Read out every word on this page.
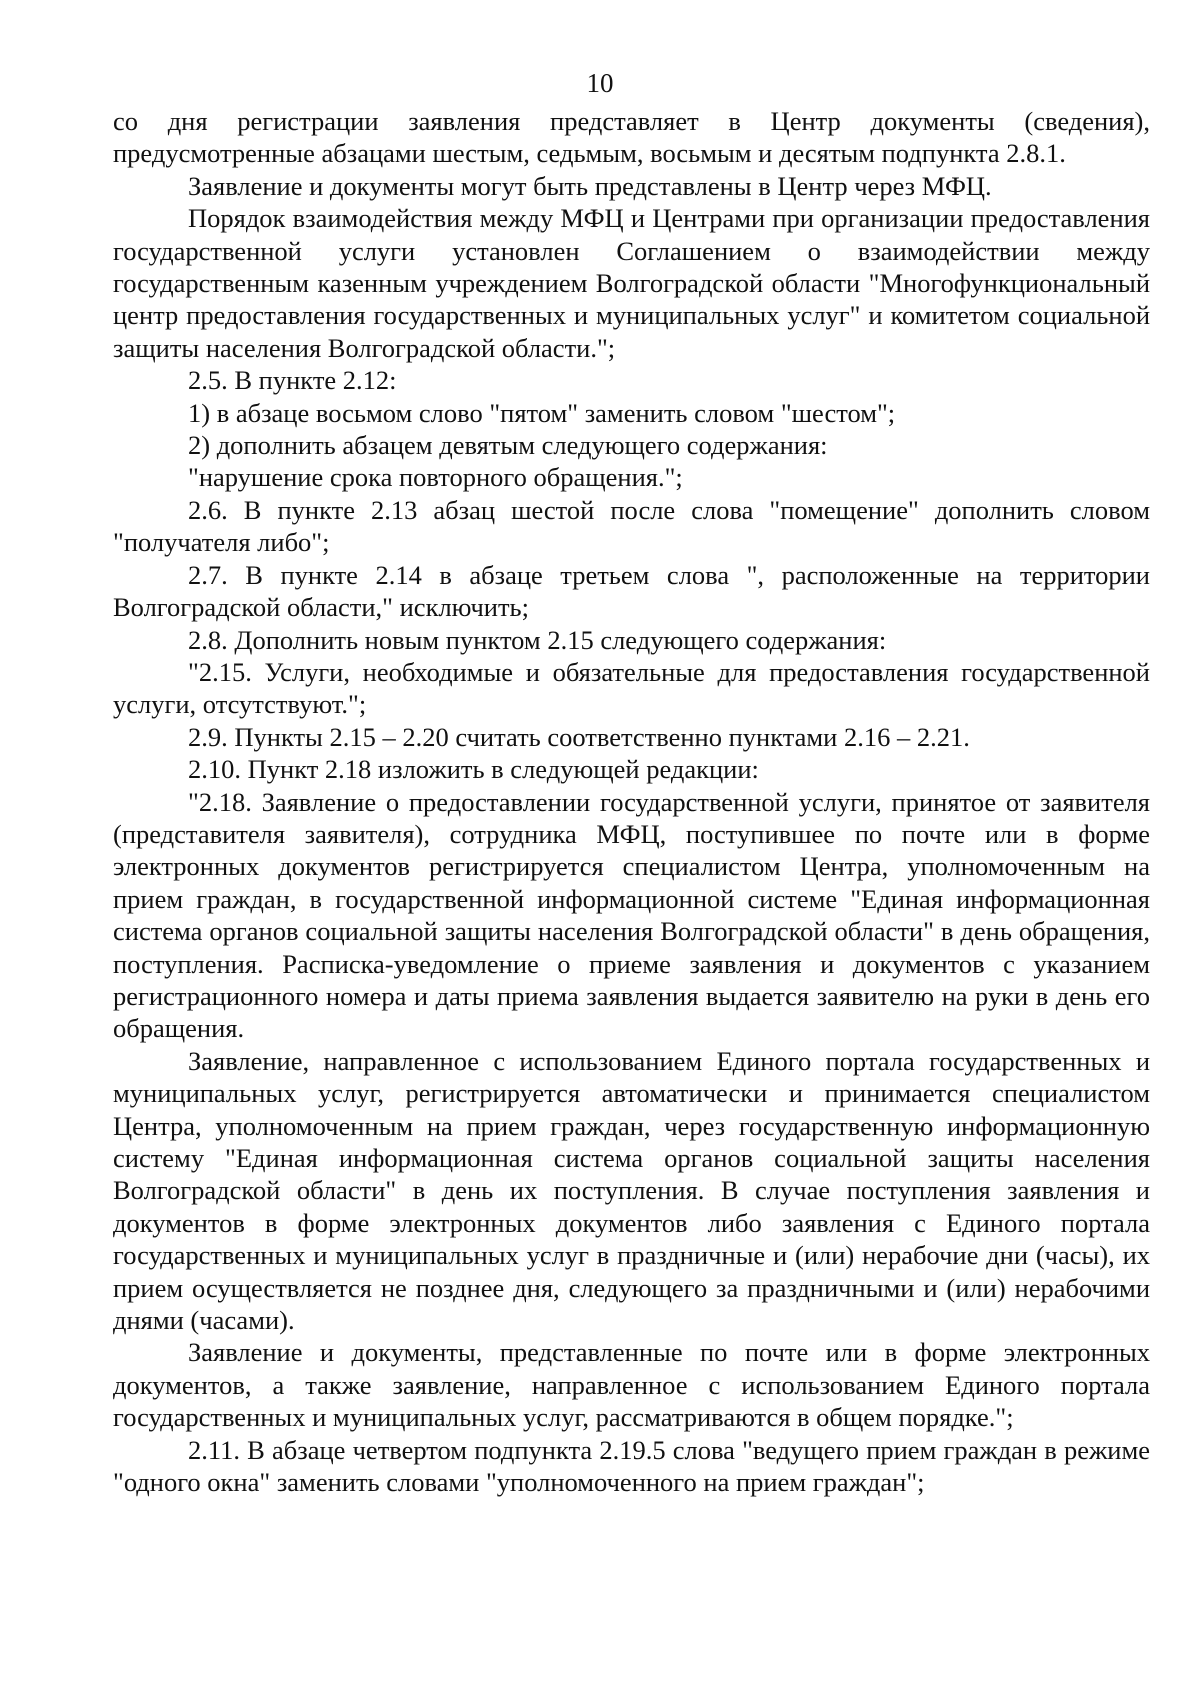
10

со дня регистрации заявления представляет в Центр документы (сведения), предусмотренные абзацами шестым, седьмым, восьмым и десятым подпункта 2.8.1.

Заявление и документы могут быть представлены в Центр через МФЦ.

Порядок взаимодействия между МФЦ и Центрами при организации предоставления государственной услуги установлен Соглашением о взаимодействии между государственным казенным учреждением Волгоградской области "Многофункциональный центр предоставления государственных и муниципальных услуг" и комитетом социальной защиты населения Волгоградской области.";

2.5. В пункте 2.12:

1) в абзаце восьмом слово "пятом" заменить словом "шестом";

2) дополнить абзацем девятым следующего содержания:

"нарушение срока повторного обращения.";

2.6. В пункте 2.13 абзац шестой после слова "помещение" дополнить словом "получателя либо";

2.7. В пункте 2.14 в абзаце третьем слова ", расположенные на территории Волгоградской области," исключить;

2.8. Дополнить новым пунктом 2.15 следующего содержания:

"2.15. Услуги, необходимые и обязательные для предоставления государственной услуги, отсутствуют.";

2.9. Пункты 2.15 – 2.20 считать соответственно пунктами 2.16 – 2.21.

2.10. Пункт 2.18 изложить в следующей редакции:

"2.18. Заявление о предоставлении государственной услуги, принятое от заявителя (представителя заявителя), сотрудника МФЦ, поступившее по почте или в форме электронных документов регистрируется специалистом Центра, уполномоченным на прием граждан, в государственной информационной системе "Единая информационная система органов социальной защиты населения Волгоградской области" в день обращения, поступления. Расписка-уведомление о приеме заявления и документов с указанием регистрационного номера и даты приема заявления выдается заявителю на руки в день его обращения.

Заявление, направленное с использованием Единого портала государственных и муниципальных услуг, регистрируется автоматически и принимается специалистом Центра, уполномоченным на прием граждан, через государственную информационную систему "Единая информационная система органов социальной защиты населения Волгоградской области" в день их поступления. В случае поступления заявления и документов в форме электронных документов либо заявления с Единого портала государственных и муниципальных услуг в праздничные и (или) нерабочие дни (часы), их прием осуществляется не позднее дня, следующего за праздничными и (или) нерабочими днями (часами).

Заявление и документы, представленные по почте или в форме электронных документов, а также заявление, направленное с использованием Единого портала государственных и муниципальных услуг, рассматриваются в общем порядке.";

2.11. В абзаце четвертом подпункта 2.19.5 слова "ведущего прием граждан в режиме "одного окна" заменить словами "уполномоченного на прием граждан";
